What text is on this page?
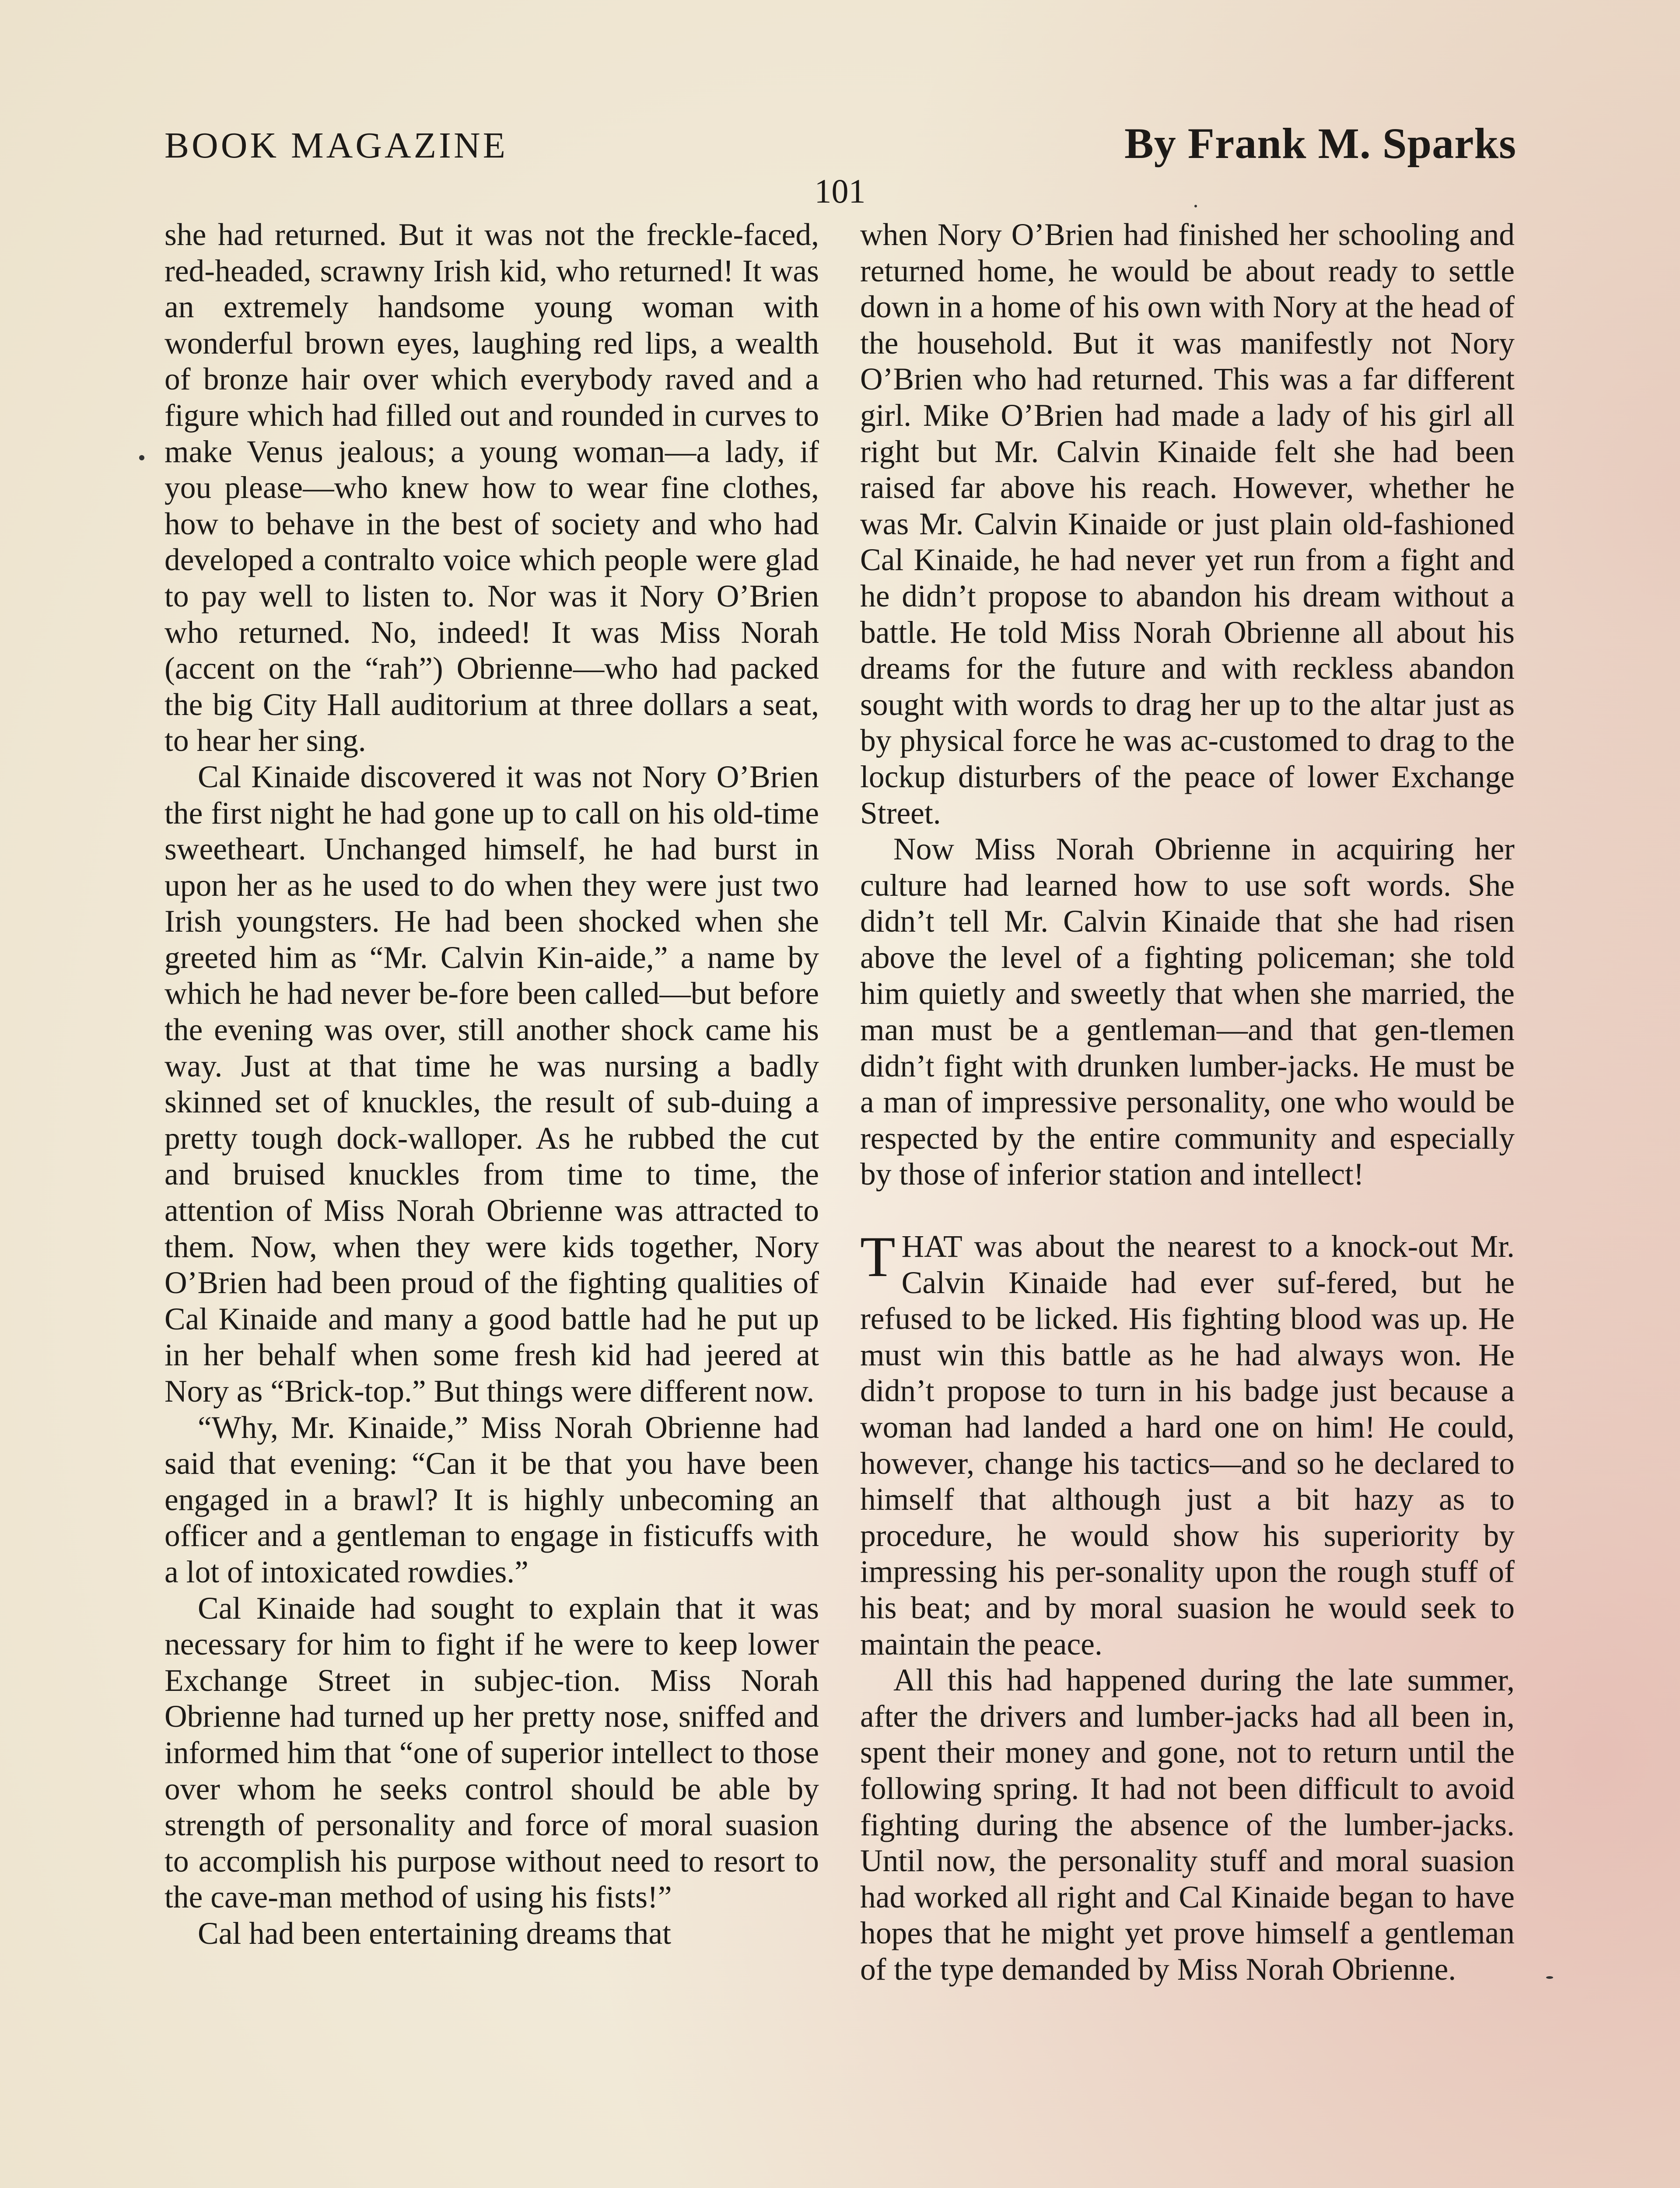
BOOK MAGAZINE	By Frank M. Sparks
101

she had returned. But it was not the freckle-faced, red-headed, scrawny Irish kid, who returned! It was an extremely handsome young woman with wonderful brown eyes, laughing red lips, a wealth of bronze hair over which everybody raved and a figure which had filled out and rounded in curves to make Venus jealous; a young woman—a lady, if you please—who knew how to wear fine clothes, how to behave in the best of society and who had developed a contralto voice which people were glad to pay well to listen to. Nor was it Nory O’Brien who returned. No, indeed! It was Miss Norah (accent on the “rah”) Obrienne—who had packed the big City Hall auditorium at three dollars a seat, to hear her sing.

Cal Kinaide discovered it was not Nory O’Brien the first night he had gone up to call on his old-time sweetheart. Unchanged himself, he had burst in upon her as he used to do when they were just two Irish youngsters. He had been shocked when she greeted him as “Mr. Calvin Kin-aide,” a name by which he had never be-fore been called—but before the evening was over, still another shock came his way. Just at that time he was nursing a badly skinned set of knuckles, the result of sub-duing a pretty tough dock-walloper. As he rubbed the cut and bruised knuckles from time to time, the attention of Miss Norah Obrienne was attracted to them. Now, when they were kids together, Nory O’Brien had been proud of the fighting qualities of Cal Kinaide and many a good battle had he put up in her behalf when some fresh kid had jeered at Nory as “Brick-top.” But things were different now.

“Why, Mr. Kinaide,” Miss Norah Obrienne had said that evening: “Can it be that you have been engaged in a brawl? It is highly unbecoming an officer and a gentleman to engage in fisticuffs with a lot of intoxicated rowdies.”

Cal Kinaide had sought to explain that it was necessary for him to fight if he were to keep lower Exchange Street in subjec-tion. Miss Norah Obrienne had turned up her pretty nose, sniffed and informed him that “one of superior intellect to those over whom he seeks control should be able by strength of personality and force of moral suasion to accomplish his purpose without need to resort to the cave-man method of using his fists!”

Cal had been entertaining dreams that

when Nory O’Brien had finished her schooling and returned home, he would be about ready to settle down in a home of his own with Nory at the head of the household. But it was manifestly not Nory O’Brien who had returned. This was a far different girl. Mike O’Brien had made a lady of his girl all right but Mr. Calvin Kinaide felt she had been raised far above his reach. However, whether he was Mr. Calvin Kinaide or just plain old-fashioned Cal Kinaide, he had never yet run from a fight and he didn’t propose to abandon his dream without a battle. He told Miss Norah Obrienne all about his dreams for the future and with reckless abandon sought with words to drag her up to the altar just as by physical force he was ac-customed to drag to the lockup disturbers of the peace of lower Exchange Street.

Now Miss Norah Obrienne in acquiring her culture had learned how to use soft words. She didn’t tell Mr. Calvin Kinaide that she had risen above the level of a fighting policeman; she told him quietly and sweetly that when she married, the man must be a gentleman—and that gen-tlemen didn’t fight with drunken lumber-jacks. He must be a man of impressive personality, one who would be respected by the entire community and especially by those of inferior station and intellect!

THAT was about the nearest to a knock-out Mr. Calvin Kinaide had ever suf-fered, but he refused to be licked. His fighting blood was up. He must win this battle as he had always won. He didn’t propose to turn in his badge just because a woman had landed a hard one on him! He could, however, change his tactics—and so he declared to himself that although just a bit hazy as to procedure, he would show his superiority by impressing his per-sonality upon the rough stuff of his beat; and by moral suasion he would seek to maintain the peace.

All this had happened during the late summer, after the drivers and lumber-jacks had all been in, spent their money and gone, not to return until the following spring. It had not been difficult to avoid fighting during the absence of the lumber-jacks. Until now, the personality stuff and moral suasion had worked all right and Cal Kinaide began to have hopes that he might yet prove himself a gentleman of the type demanded by Miss Norah Obrienne.
